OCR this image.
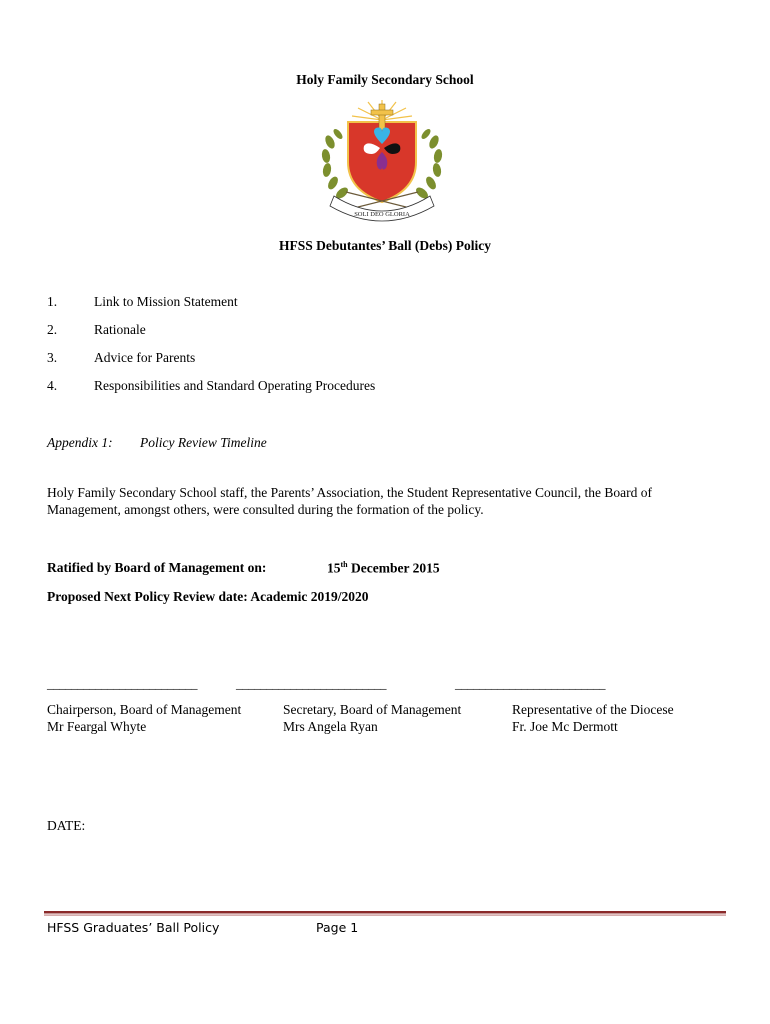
Holy Family Secondary School
SOLI DEO GLORIA
HFSS Debutantes’ Ball (Debs) Policy
1.	Link to Mission Statement
2.	Rationale
3.	Advice for Parents
4.	Responsibilities and Standard Operating Procedures
Appendix 1: Policy Review Timeline
Holy Family Secondary School staff, the Parents’ Association, the Student Representative Council, the Board of Management, amongst others, were consulted during the formation of the policy.
Ratified by Board of Management on:	15th December 2015
Proposed Next Policy Review date: Academic 2019/2020
_________________________	_________________________	_________________________
Chairperson, Board of Management
Mr Feargal Whyte
Secretary, Board of Management
Mrs Angela Ryan
Representative of the Diocese
Fr. Joe Mc Dermott
DATE:
HFSS Graduates’ Ball Policy	Page 1
